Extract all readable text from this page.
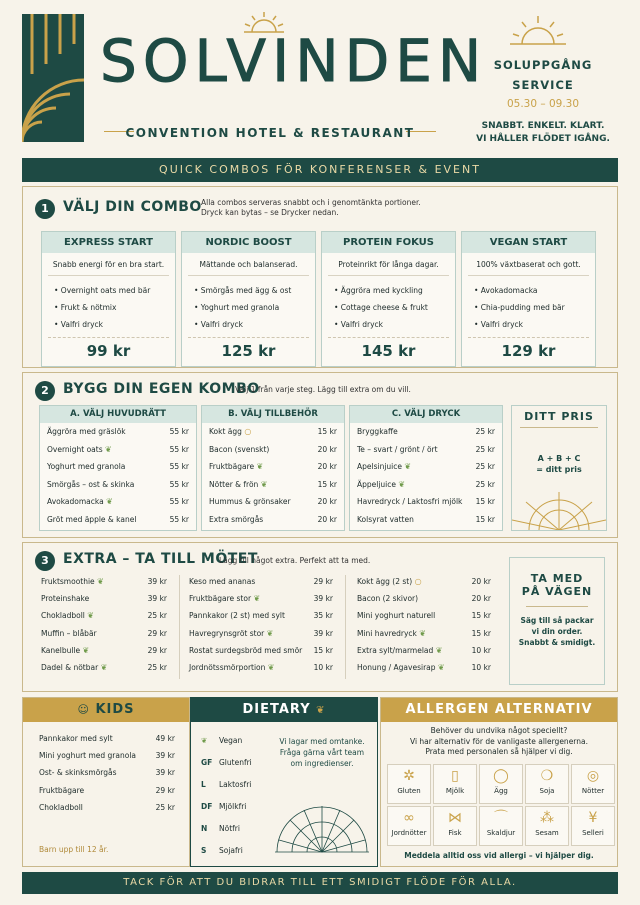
SOLVINDEN
CONVENTION HOTEL & RESTAURANT
SOLUPPGÅNG
SERVICE
05.30 – 09.30
SNABBT. ENKELT. KLART.
VI HÅLLER FLÖDET IGÅNG.
QUICK COMBOS FÖR KONFERENSER & EVENT
1	VÄLJ DIN COMBO Alla combos serveras snabbt och i genomtänkta portioner.
Dryck kan bytas – se Drycker nedan.
EXPRESS START
Snabb energi för en bra start.
• Overnight oats med bär
• Frukt & nötmix
• Valfri dryck
99 kr
NORDIC BOOST
Mättande och balanserad.
• Smörgås med ägg & ost
• Yoghurt med granola
• Valfri dryck
125 kr
PROTEIN FOKUS
Proteinrikt för långa dagar.
• Äggröra med kyckling
• Cottage cheese & frukt
• Valfri dryck
145 kr
VEGAN START
100% växtbaserat och gott.
• Avokadomacka
• Chia-pudding med bär
• Valfri dryck
129 kr
2	BYGG DIN EGEN KOMBO
Välj 1 från varje steg. Lägg till extra om du vill.
A. VÄLJ HUVUDRÄTT
Äggröra med gräslök	55 kr
Overnight oats ❦	55 kr
Yoghurt med granola	55 kr
Smörgås – ost & skinka	55 kr
Avokadomacka ❦	55 kr
Gröt med äpple & kanel	55 kr
B. VÄLJ TILLBEHÖR
Kokt ägg ○	15 kr
Bacon (svenskt)	20 kr
Fruktbägare ❦	20 kr
Nötter & frön ❦	15 kr
Hummus & grönsaker	20 kr
Extra smörgås	20 kr
C. VÄLJ DRYCK
Bryggkaffe	25 kr
Te – svart / grönt / ört	25 kr
Apelsinjuice ❦	25 kr
Äppeljuice ❦	25 kr
Havredryck / Laktosfri mjölk 15 kr
Kolsyrat vatten	15 kr
DITT PRIS
A + B + C
= ditt pris
3	EXTRA – TA TILL MÖTET
Lägg till något extra. Perfekt att ta med.
Fruktsmoothie ❦	39 kr
Proteinshake	39 kr
Chokladboll ❦	25 kr
Muffin – blåbär	29 kr
Kanelbulle ❦	29 kr
Dadel & nötbar ❦	25 kr
Keso med ananas	29 kr
Fruktbägare stor ❦	39 kr
Pannkakor (2 st) med sylt	35 kr
Havregrynsgröt stor ❦	39 kr
Rostat surdegsbröd med smör 15 kr
Jordnötssmörportion ❦	10 kr
Kokt ägg (2 st) ○	20 kr
Bacon (2 skivor)	20 kr
Mini yoghurt naturell	15 kr
Mini havredryck ❦	15 kr
Extra sylt/marmelad ❦	10 kr
Honung / Agavesirap ❦	10 kr
TA MED
PÅ VÄGEN
Säg till så packar
vi din order.
Snabbt & smidigt.
☺ KIDS
Pannkakor med sylt	49 kr
Mini yoghurt med granola	39 kr
Ost- & skinksmörgås	39 kr
Fruktbägare	29 kr
Chokladboll	25 kr
Barn upp till 12 år.
DIETARY ❦
❦ Vegan
GF Glutenfri
L Laktosfri
DF Mjölkfri
N Nötfri
S Sojafri
Vi lagar med omtanke.
Fråga gärna vårt team
om ingredienser.
ALLERGEN ALTERNATIV
Behöver du undvika något speciellt?
Vi har alternativ för de vanligaste allergenerna.
Prata med personalen så hjälper vi dig.
✲
Gluten
▯
Mjölk
◯
Ägg
❍
Soja
◎
Nötter
∞
Jordnötter
⋈
Fisk
⌒
Skaldjur
⁂
Sesam
¥
Selleri
Meddela alltid oss vid allergi – vi hjälper dig.
TACK FÖR ATT DU BIDRAR TILL ETT SMIDIGT FLÖDE FÖR ALLA.
